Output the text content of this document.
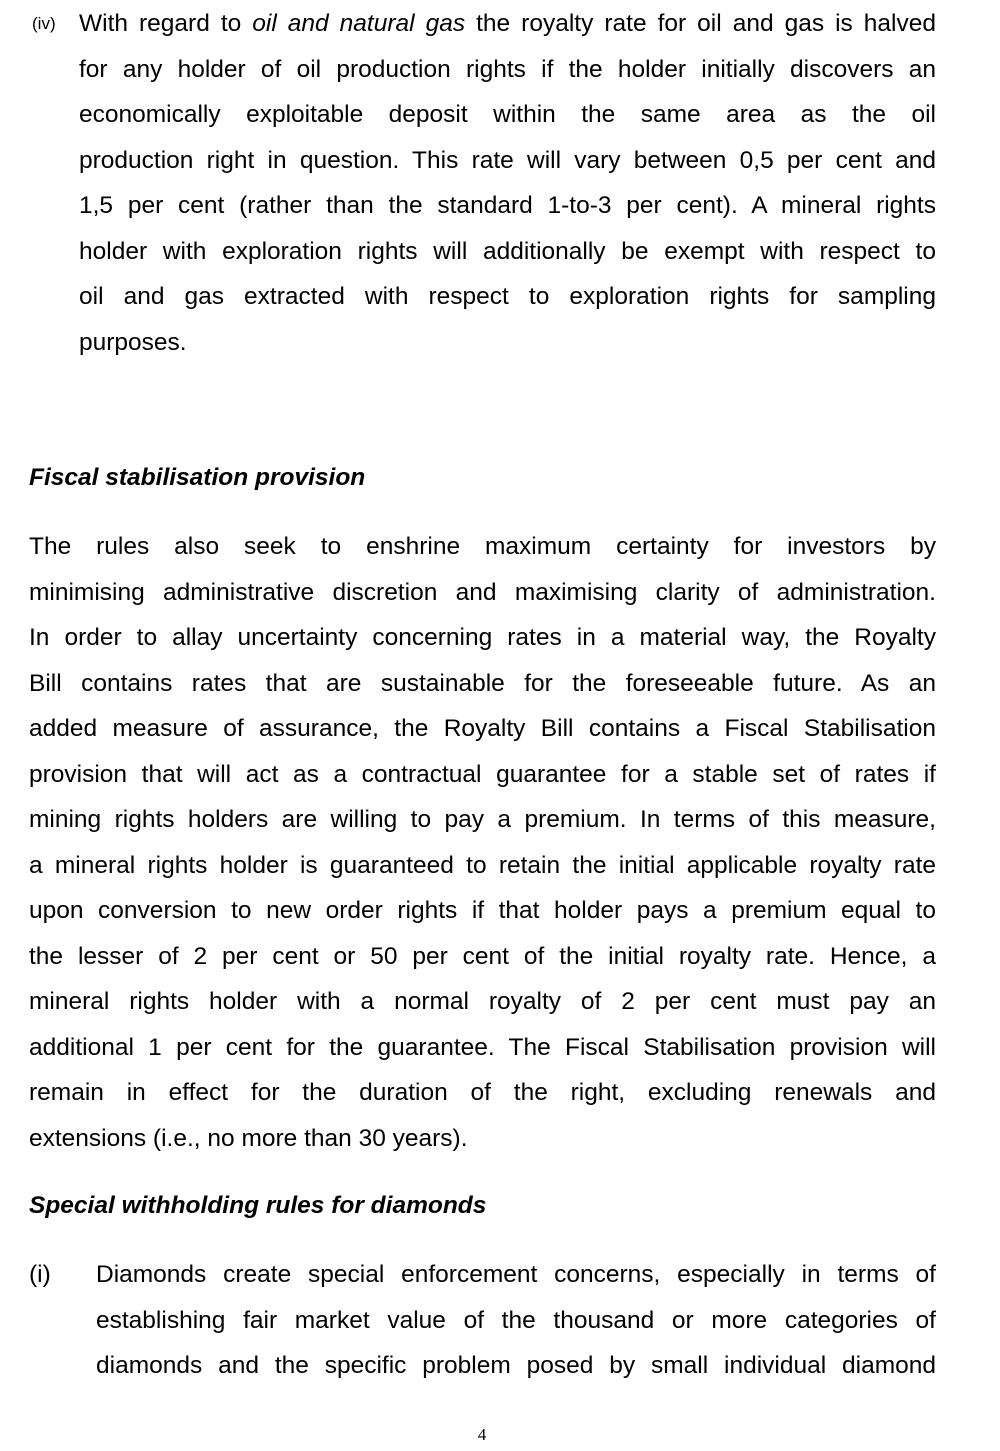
(iv) With regard to oil and natural gas the royalty rate for oil and gas is halved
for any holder of oil production rights if the holder initially discovers an
economically exploitable deposit within the same area as the oil
production right in question. This rate will vary between 0,5 per cent and
1,5 per cent (rather than the standard 1-to-3 per cent). A mineral rights
holder with exploration rights will additionally be exempt with respect to
oil and gas extracted with respect to exploration rights for sampling
purposes.
Fiscal stabilisation provision
The rules also seek to enshrine maximum certainty for investors by
minimising administrative discretion and maximising clarity of administration.
In order to allay uncertainty concerning rates in a material way, the Royalty
Bill contains rates that are sustainable for the foreseeable future. As an
added measure of assurance, the Royalty Bill contains a Fiscal Stabilisation
provision that will act as a contractual guarantee for a stable set of rates if
mining rights holders are willing to pay a premium. In terms of this measure,
a mineral rights holder is guaranteed to retain the initial applicable royalty rate
upon conversion to new order rights if that holder pays a premium equal to
the lesser of 2 per cent or 50 per cent of the initial royalty rate. Hence, a
mineral rights holder with a normal royalty of 2 per cent must pay an
additional 1 per cent for the guarantee. The Fiscal Stabilisation provision will
remain in effect for the duration of the right, excluding renewals and
extensions (i.e., no more than 30 years).
Special withholding rules for diamonds
(i) Diamonds create special enforcement concerns, especially in terms of
establishing fair market value of the thousand or more categories of
diamonds and the specific problem posed by small individual diamond
4
